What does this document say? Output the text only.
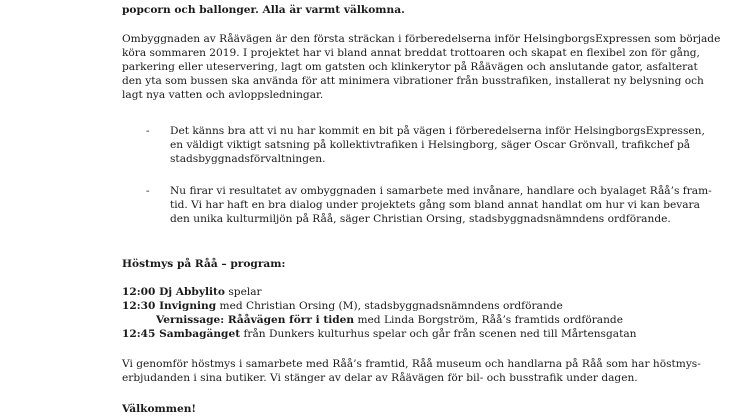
popcorn och ballonger. Alla är varmt välkomna.
Ombyggnaden av Råävägen är den första sträckan i förberedelserna inför HelsingborgsExpressen som började
köra sommaren 2019. I projektet har vi bland annat breddat trottoaren och skapat en flexibel zon för gång,
parkering eller uteservering, lagt om gatsten och klinkerytor på Råävägen och anslutande gator, asfalterat
den yta som bussen ska använda för att minimera vibrationer från busstrafiken, installerat ny belysning och
lagt nya vatten och avloppsledningar.
- Det känns bra att vi nu har kommit en bit på vägen i förberedelserna inför HelsingborgsExpressen,
en väldigt viktigt satsning på kollektivtrafiken i Helsingborg, säger Oscar Grönvall, trafikchef på
stadsbyggnadsförvaltningen.
- Nu firar vi resultatet av ombyggnaden i samarbete med invånare, handlare och byalaget Råå’s fram-
tid. Vi har haft en bra dialog under projektets gång som bland annat handlat om hur vi kan bevara
den unika kulturmiljön på Råå, säger Christian Orsing, stadsbyggnadsnämndens ordförande.
Höstmys på Råå – program:
12:00 Dj Abbylito spelar
12:30 Invigning med Christian Orsing (M), stadsbyggnadsnämndens ordförande
Vernissage: Rååvägen förr i tiden med Linda Borgström, Råå’s framtids ordförande
12:45 Sambagänget från Dunkers kulturhus spelar och går från scenen ned till Mårtensgatan
Vi genomför höstmys i samarbete med Råå’s framtid, Råå museum och handlarna på Råå som har höstmys-
erbjudanden i sina butiker. Vi stänger av delar av Råävägen för bil- och busstrafik under dagen.
Välkommen!
